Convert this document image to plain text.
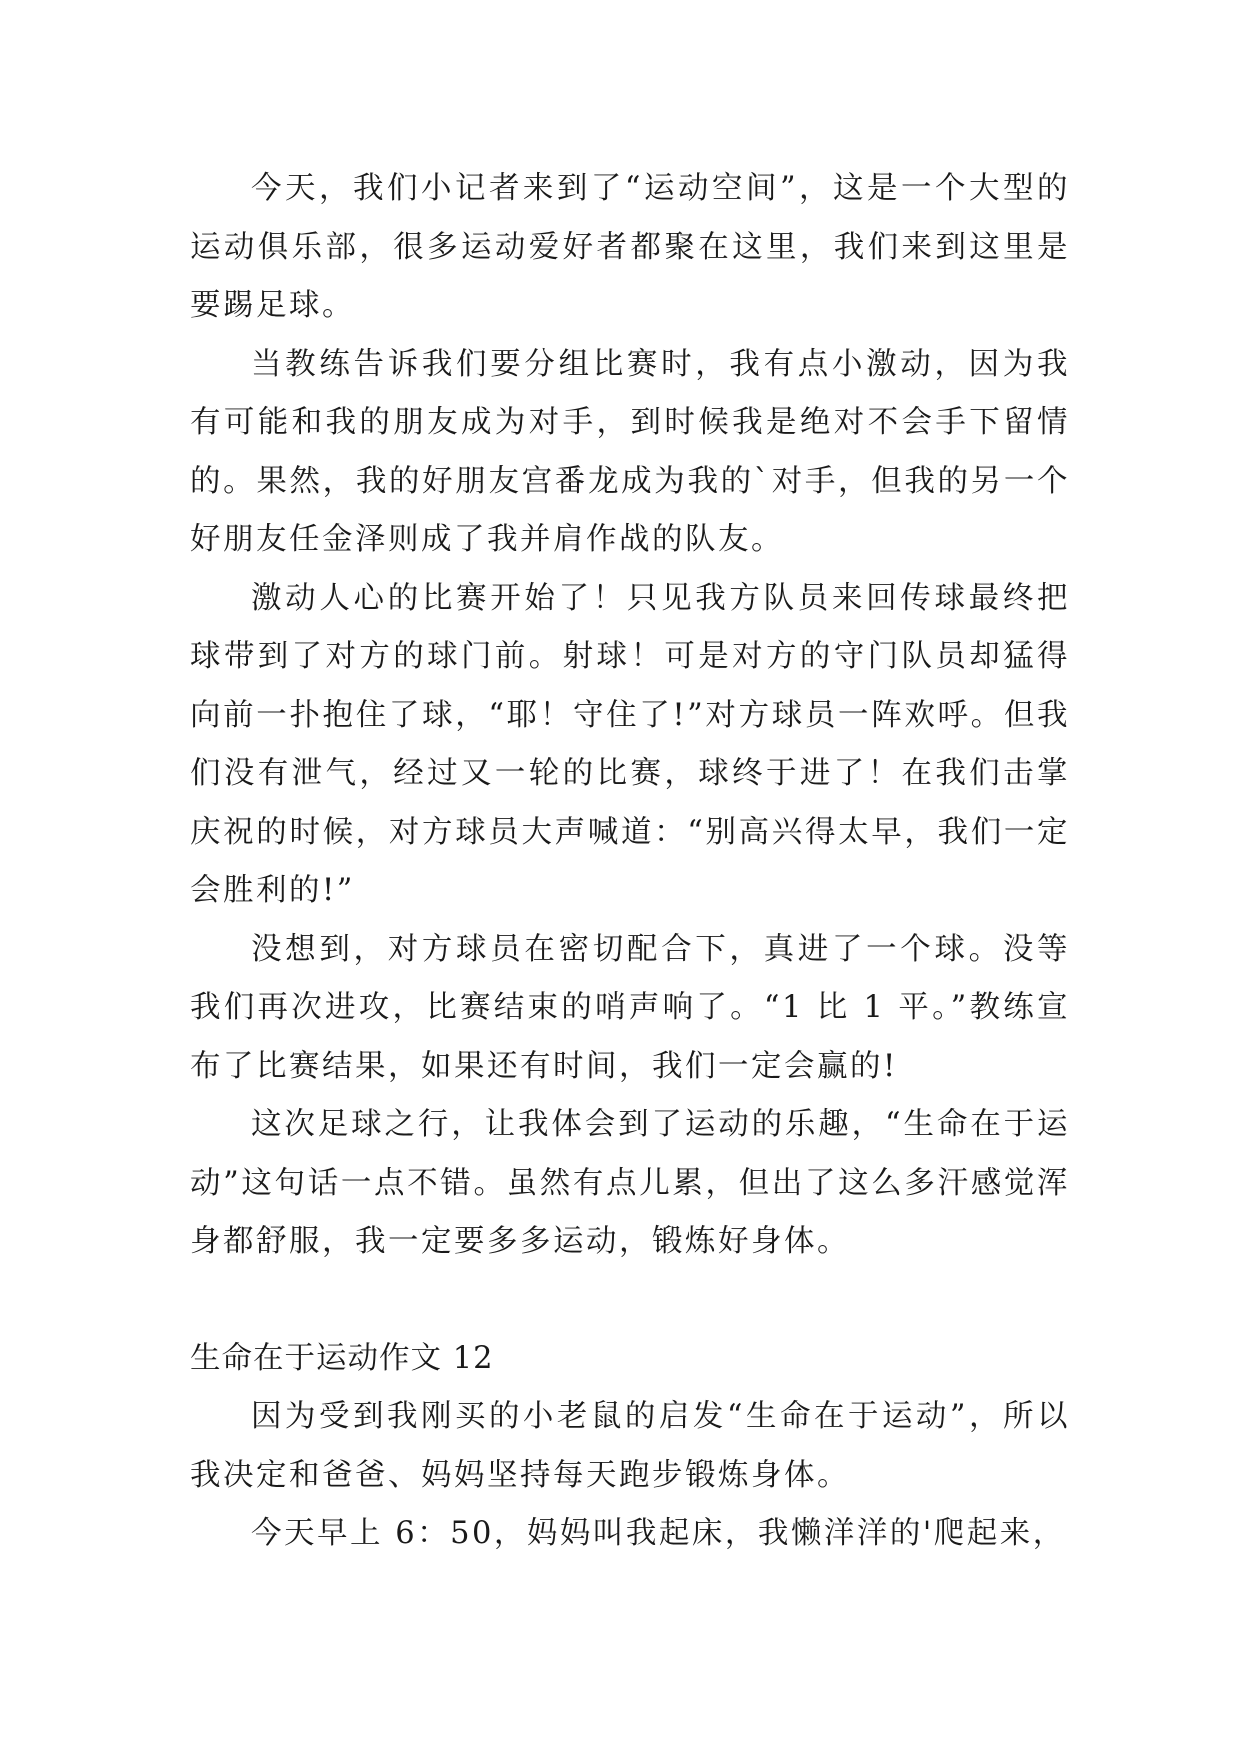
今天，我们小记者来到了“运动空间”，这是一个大型的运动俱乐部，很多运动爱好者都聚在这里，我们来到这里是要踢足球。

当教练告诉我们要分组比赛时，我有点小激动，因为我有可能和我的朋友成为对手，到时候我是绝对不会手下留情的。果然，我的好朋友宫番龙成为我的`对手，但我的另一个好朋友任金泽则成了我并肩作战的队友。

激动人心的比赛开始了！只见我方队员来回传球最终把球带到了对方的球门前。射球！可是对方的守门队员却猛得向前一扑抱住了球，“耶！守住了!”对方球员一阵欢呼。但我们没有泄气，经过又一轮的比赛，球终于进了！在我们击掌庆祝的时候，对方球员大声喊道：“别高兴得太早，我们一定会胜利的!”

没想到，对方球员在密切配合下，真进了一个球。没等我们再次进攻，比赛结束的哨声响了。“1 比 1 平。”教练宣布了比赛结果，如果还有时间，我们一定会赢的!

这次足球之行，让我体会到了运动的乐趣，“生命在于运动”这句话一点不错。虽然有点儿累，但出了这么多汗感觉浑身都舒服，我一定要多多运动，锻炼好身体。

生命在于运动作文 12

因为受到我刚买的小老鼠的启发“生命在于运动”，所以我决定和爸爸、妈妈坚持每天跑步锻炼身体。

今天早上 6：50，妈妈叫我起床，我懒洋洋的'爬起来，
